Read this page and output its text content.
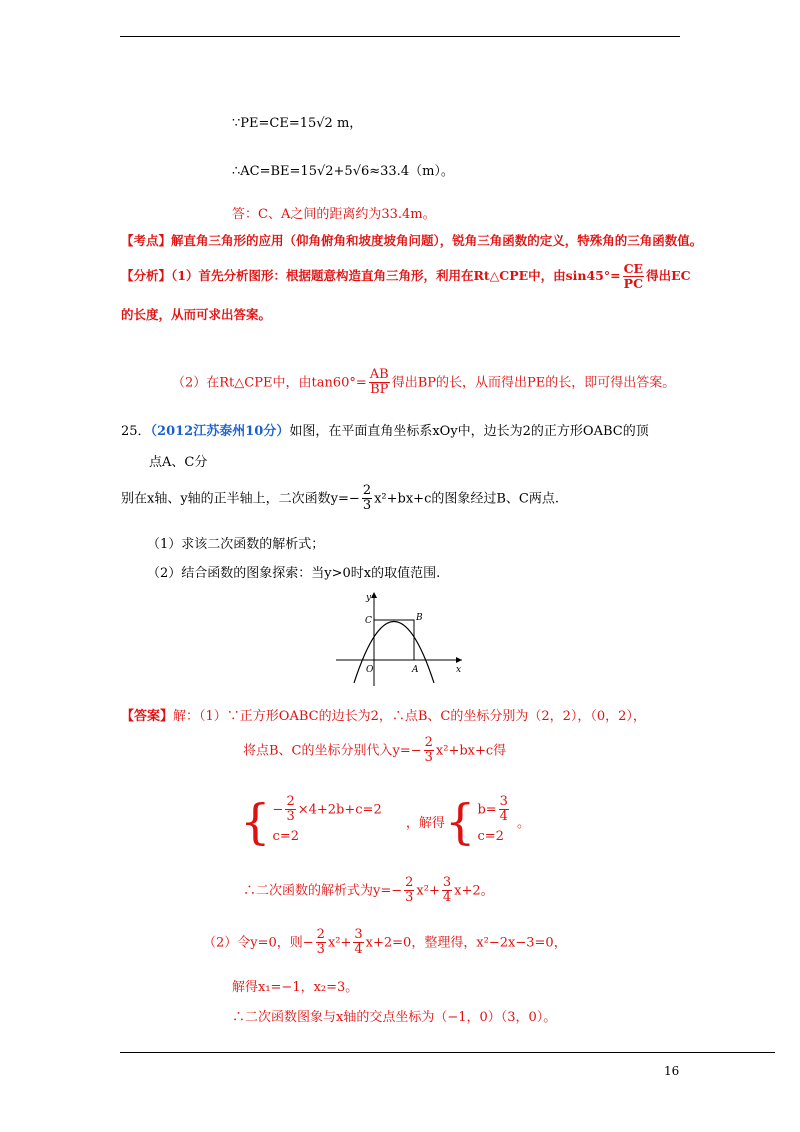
∵PE=CE=15√2 m，
∴AC=BE=15√2+5√6≈33.4（m）。
答：C、A之间的距离约为33.4m。
【考点】解直角三角形的应用（仰角俯角和坡度坡角问题），锐角三角函数的定义，特殊角的三角函数值。
【分析】（1）首先分析图形：根据题意构造直角三角形，利用在Rt△CPE中，由$\sin 45^\circ= \frac{CE}{PC}$ 得出EC
的长度，从而可求出答案。
（2）在Rt△CPE中，由$\tan 60^\circ= \frac{AB}{BP}$ 得出BP的长，从而得出PE的长，即可得出答案。
25．（2012江苏泰州10分）如图，在平面直角坐标系xOy中，边长为2的正方形OABC的顶
点A、C分
别在x轴、y轴的正半轴上，二次函数$y=- \frac{2}{3} x^2+bx+c$的图象经过B、C两点.
（1）求该二次函数的解析式；
（2）结合函数的图象探索：当y>0时x的取值范围.
y
x
C	B
O	A
【答案】解：（1）∵正方形OABC的边长为2，∴点B、C的坐标分别为（2，2），（0，2），
将点B、C的坐标分别代入$y=- \frac{2}{3} x^2+bx+c$得
{ − $\frac{2}{3} \times 4+2b+c=2$
c=2
，解得{ $b= \frac{3}{4}$
c=2
。
∴二次函数的解析式为$y=- \frac{2}{3} x^2+ \frac{3}{4} x+2$。
（2）令y=0，则− $\frac{2}{3} x^2+ \frac{3}{4} x+2=0$，整理得，x²−2x−3=0，
解得x₁=−1，x₂=3。
∴二次函数图象与x轴的交点坐标为（−1，0）（3，0）。
16
